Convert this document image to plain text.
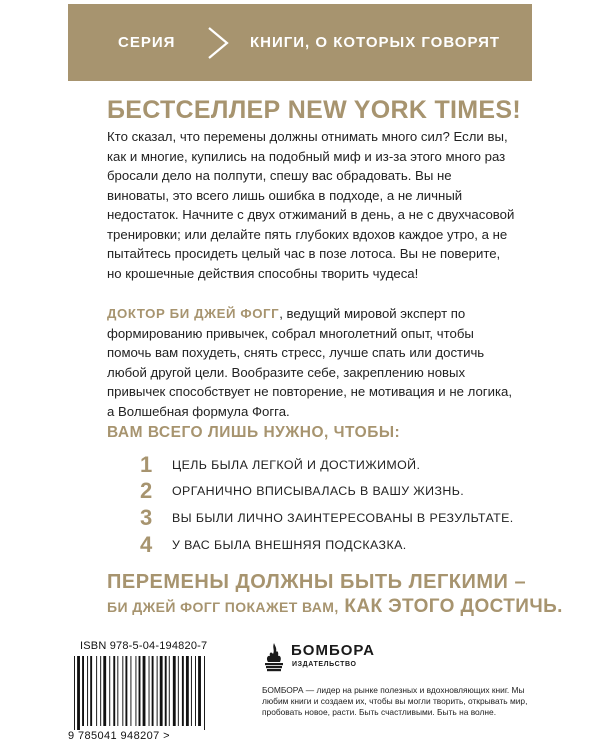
СЕРИЯ	КНИГИ, О КОТОРЫХ ГОВОРЯТ
БЕСТСЕЛЛЕР NEW YORK TIMES!

Кто сказал, что перемены должны отнимать много сил? Если вы, как и многие, купились на подобный миф и из-за этого много раз бросали дело на полпути, спешу вас обрадовать. Вы не виноваты, это всего лишь ошибка в подходе, а не личный недостаток. Начните с двух отжиманий в день, а не с двухчасовой тренировки; или делайте пять глубоких вдохов каждое утро, а не пытайтесь просидеть целый час в позе лотоса. Вы не поверите, но крошечные действия способны творить чудеса!

ДОКТОР БИ ДЖЕЙ ФОГГ, ведущий мировой эксперт по формированию привычек, собрал многолетний опыт, чтобы помочь вам похудеть, снять стресс, лучше спать или достичь любой другой цели. Вообразите себе, закреплению новых привычек способствует не повторение, не мотивация и не логика, а Волшебная формула Фогга.

ВАМ ВСЕГО ЛИШЬ НУЖНО, ЧТОБЫ:
1	ЦЕЛЬ БЫЛА ЛЕГКОЙ И ДОСТИЖИМОЙ.
2	ОРГАНИЧНО ВПИСЫВАЛАСЬ В ВАШУ ЖИЗНЬ.
3	ВЫ БЫЛИ ЛИЧНО ЗАИНТЕРЕСОВАНЫ В РЕЗУЛЬТАТЕ.
4	У ВАС БЫЛА ВНЕШНЯЯ ПОДСКАЗКА.
ПЕРЕМЕНЫ ДОЛЖНЫ БЫТЬ ЛЕГКИМИ –

БИ ДЖЕЙ ФОГГ ПОКАЖЕТ ВАМ, КАК ЭТОГО ДОСТИЧЬ.

ISBN 978-5-04-194820-7
9 785041 948207 >

БОМБОРА

ИЗДАТЕЛЬСТВО

БОМБОРА — лидер на рынке полезных и вдохновляющих книг. Мы любим книги и создаем их, чтобы вы могли творить, открывать мир, пробовать новое, расти. Быть счастливыми. Быть на волне.
